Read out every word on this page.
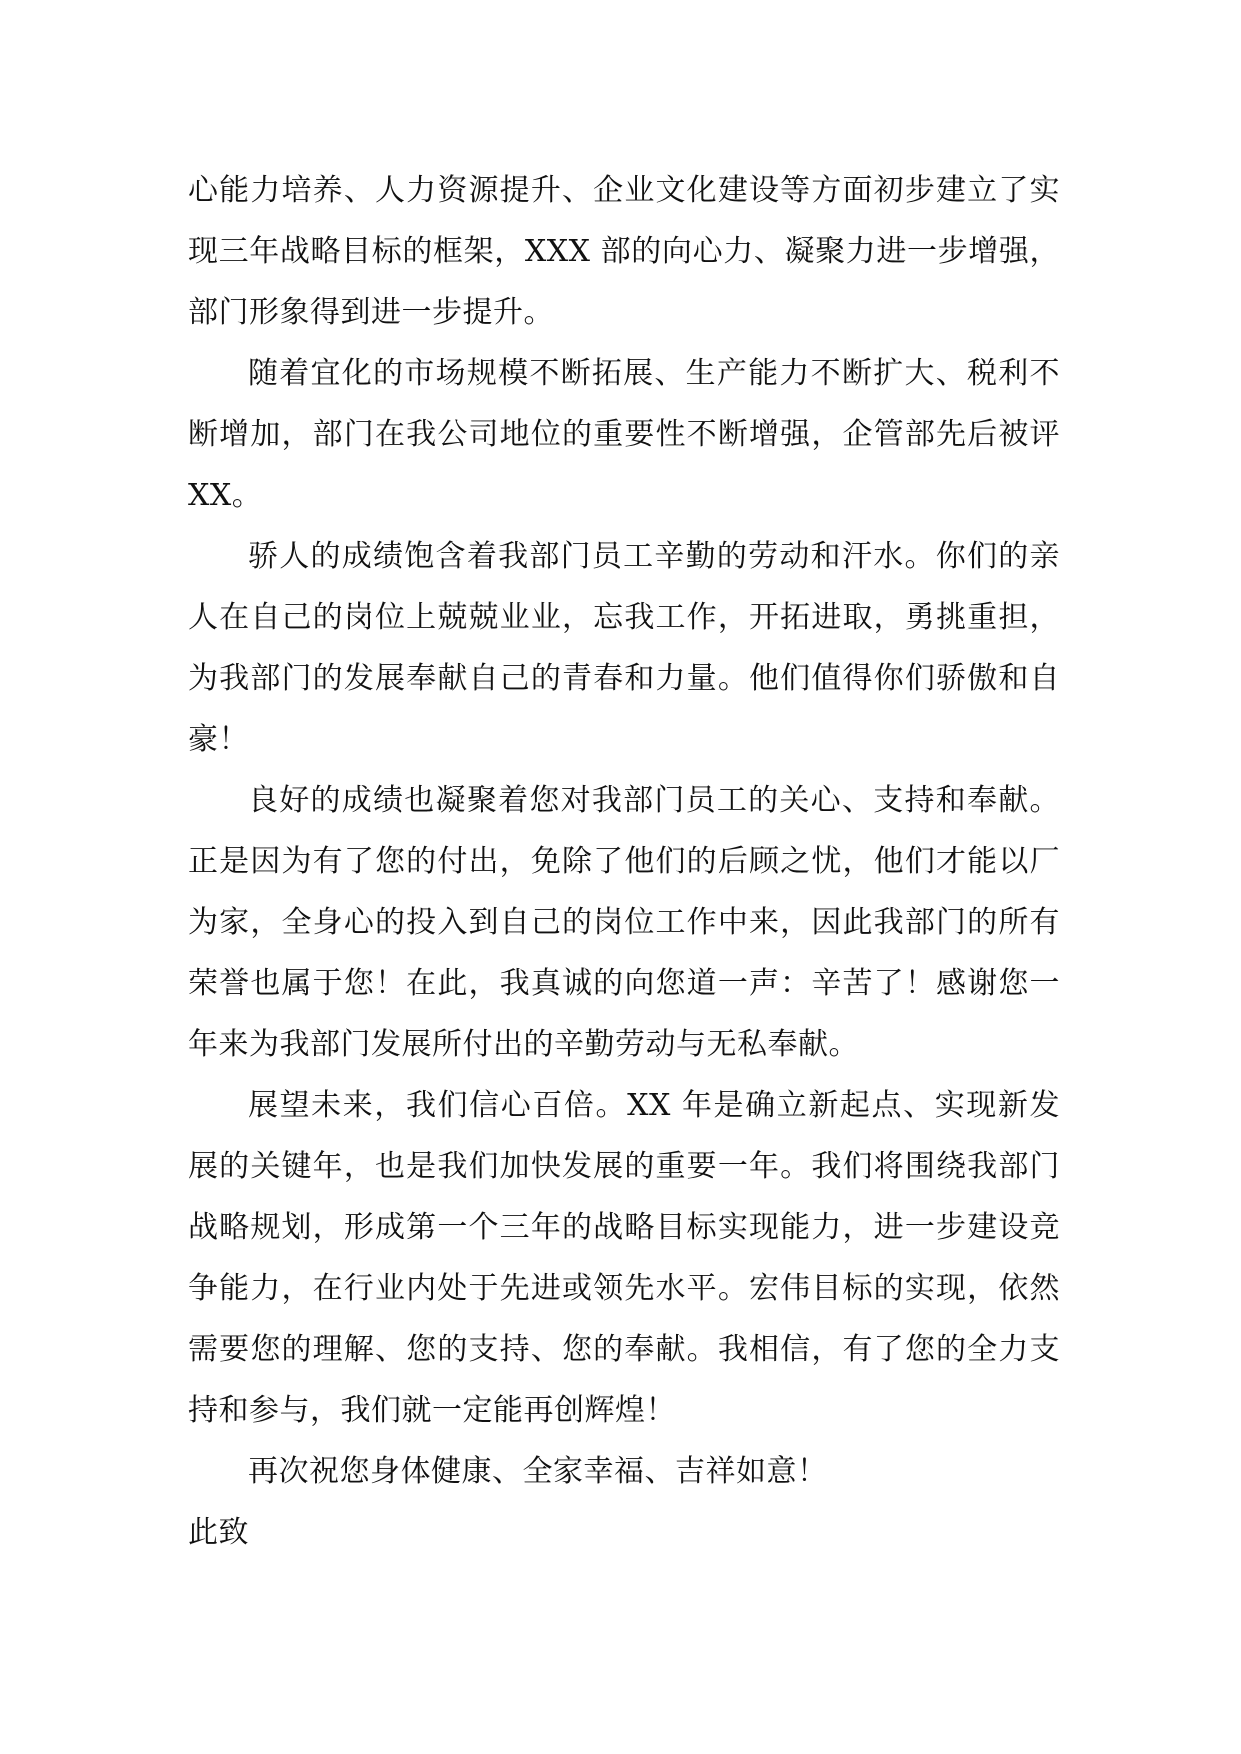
心能力培养、人力资源提升、企业文化建设等方面初步建立了实现三年战略目标的框架，XXX 部的向心力、凝聚力进一步增强，部门形象得到进一步提升。

随着宜化的市场规模不断拓展、生产能力不断扩大、税利不断增加，部门在我公司地位的重要性不断增强，企管部先后被评 XX。

骄人的成绩饱含着我部门员工辛勤的劳动和汗水。你们的亲人在自己的岗位上兢兢业业，忘我工作，开拓进取，勇挑重担，为我部门的发展奉献自己的青春和力量。他们值得你们骄傲和自豪！

良好的成绩也凝聚着您对我部门员工的关心、支持和奉献。正是因为有了您的付出，免除了他们的后顾之忧，他们才能以厂为家，全身心的投入到自己的岗位工作中来，因此我部门的所有荣誉也属于您！在此，我真诚的向您道一声：辛苦了！感谢您一年来为我部门发展所付出的辛勤劳动与无私奉献。

展望未来，我们信心百倍。XX 年是确立新起点、实现新发展的关键年，也是我们加快发展的重要一年。我们将围绕我部门战略规划，形成第一个三年的战略目标实现能力，进一步建设竞争能力，在行业内处于先进或领先水平。宏伟目标的实现，依然需要您的理解、您的支持、您的奉献。我相信，有了您的全力支持和参与，我们就一定能再创辉煌！

再次祝您身体健康、全家幸福、吉祥如意！

此致
